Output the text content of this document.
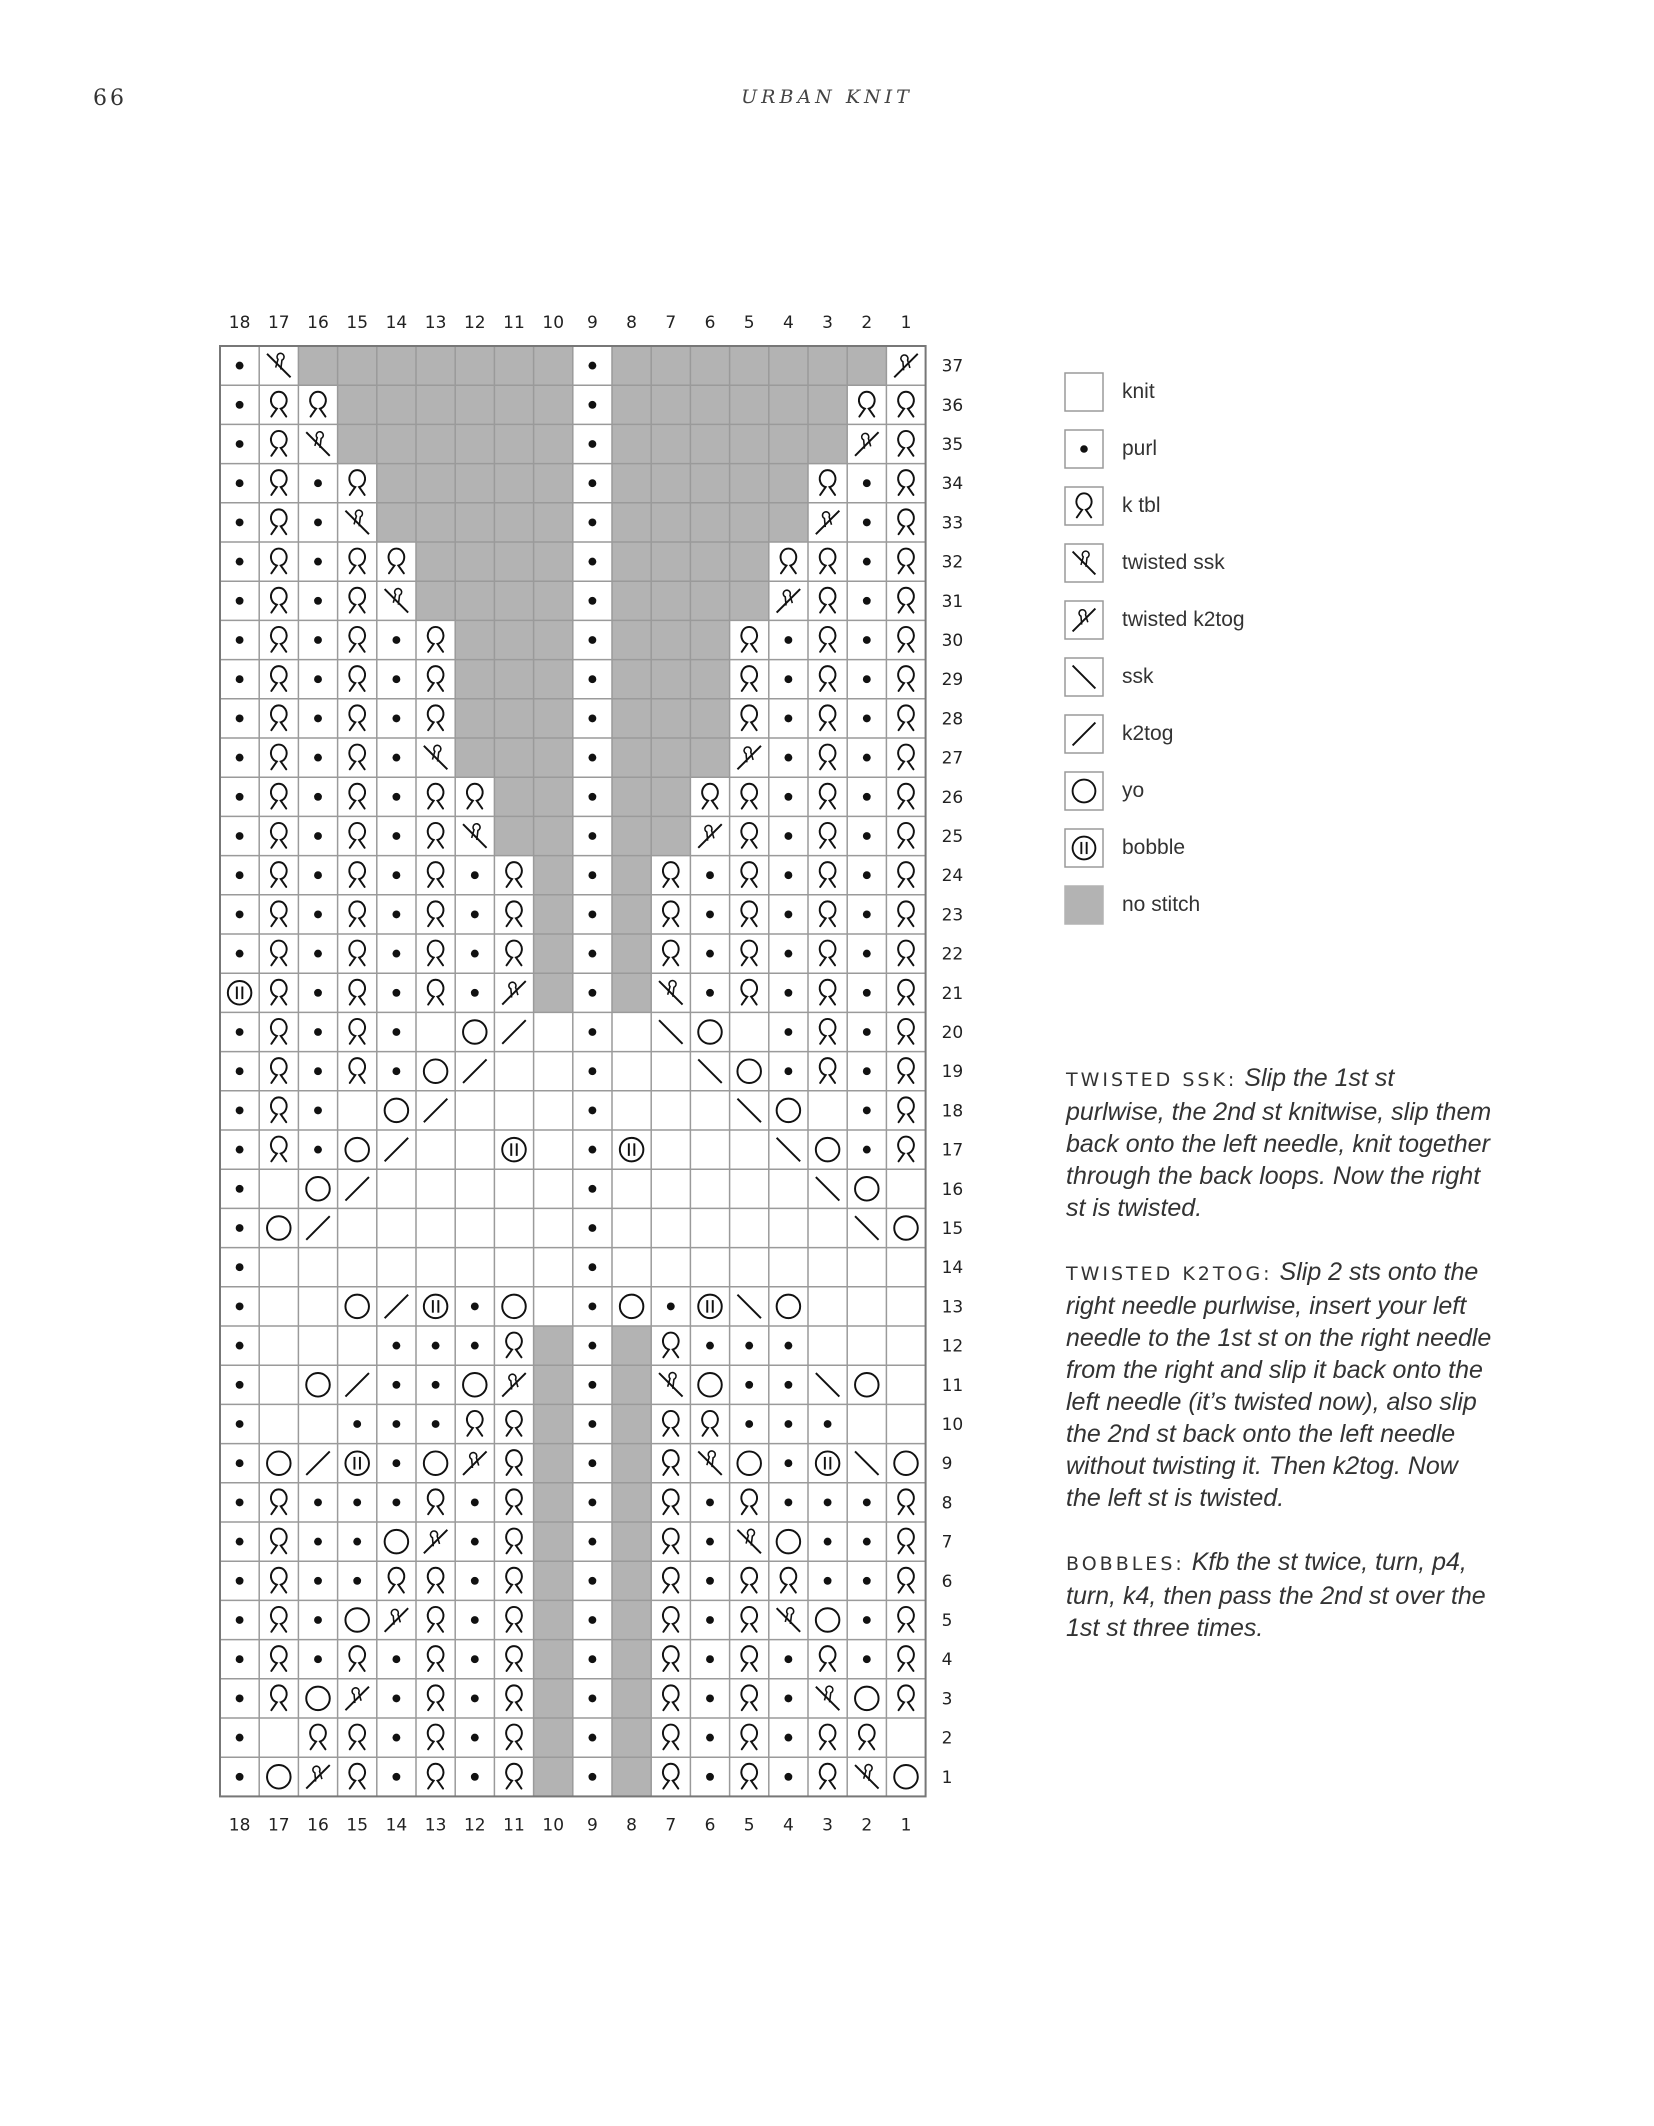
66	URBAN KNIT
18
18
17
17
16
16
15
15
14
14
13
13
12
12
11
11
10
10
9
9
8
8
7
7
6
6
5
5
4
4
3
3
2
2
1
1
37
36
35
34
33
32
31
30
29
28
27
26
25
24
23
22
21
20
19
18
17
16
15
14
13
12
11
10
9
8
7
6
5
4
3
2
1
knit
purl
k tbl
twisted ssk
twisted k2tog
ssk
k2tog
yo
bobble
no stitch
TWISTED SSK: Slip the 1st st purlwise, the 2nd st knitwise, slip them back onto the left needle, knit together through the back loops. Now the right st is twisted.
TWISTED K2TOG: Slip 2 sts onto the right needle purlwise, insert your left needle to the 1st st on the right needle from the right and slip it back onto the left needle (it’s twisted now), also slip the 2nd st back onto the left needle without twisting it. Then k2tog. Now the left st is twisted.
BOBBLES: Kfb the st twice, turn, p4, turn, k4, then pass the 2nd st over the 1st st three times.
